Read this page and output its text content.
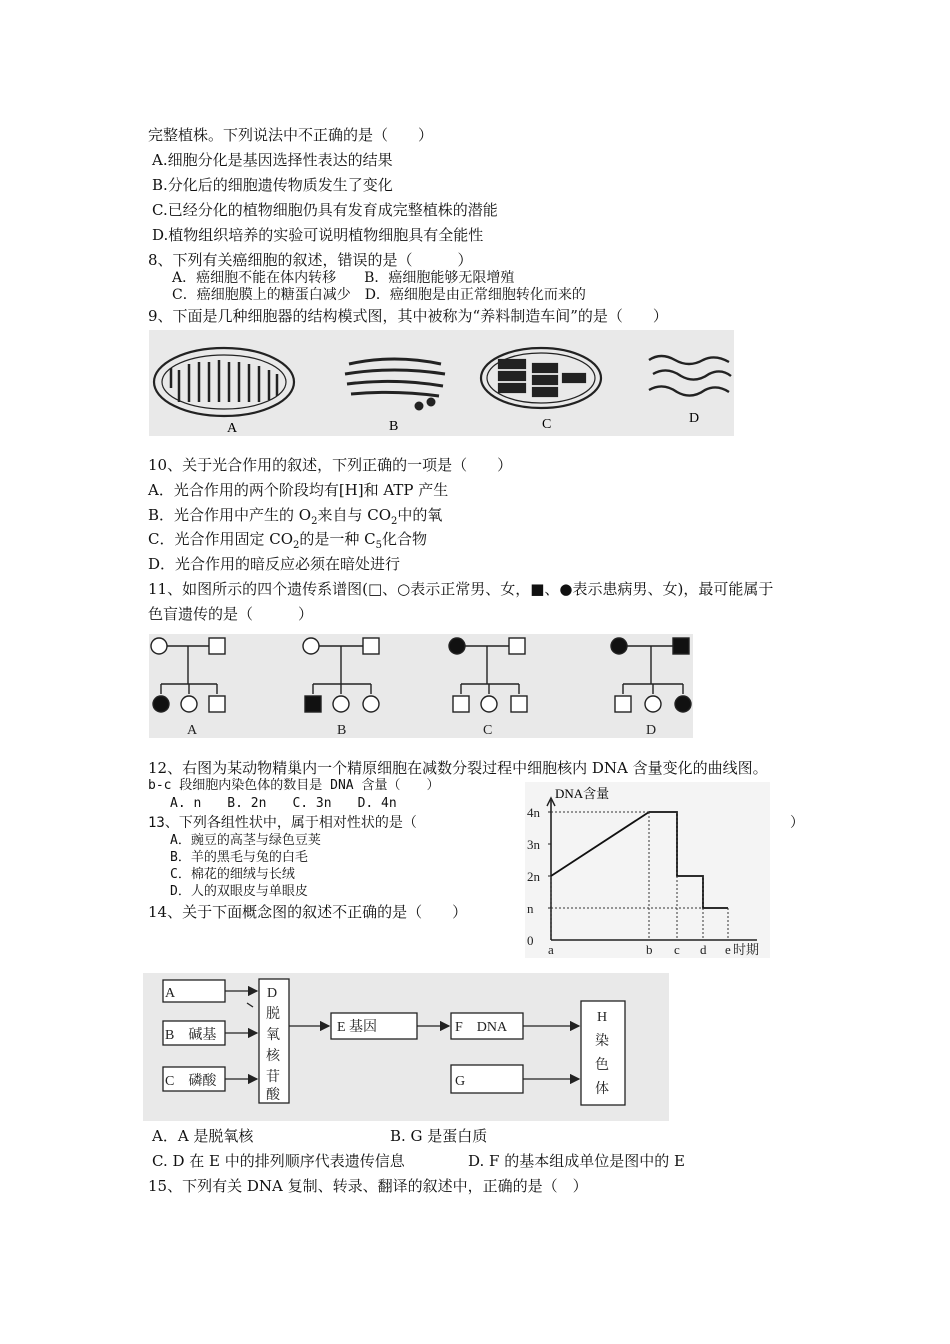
完整植株。下列说法中不正确的是（　　）
A.细胞分化是基因选择性表达的结果
B.分化后的细胞遗传物质发生了变化
C.已经分化的植物细胞仍具有发育成完整植株的潜能
D.植物组织培养的实验可说明植物细胞具有全能性
8、下列有关癌细胞的叙述，错误的是（　　　）
A．癌细胞不能在体内转移　　B．癌细胞能够无限增殖
C．癌细胞膜上的糖蛋白减少　D．癌细胞是由正常细胞转化而来的
9、下面是几种细胞器的结构模式图，其中被称为“养料制造车间”的是（　　）
A	B	C	D
10、关于光合作用的叙述，下列正确的一项是（　　）
A．光合作用的两个阶段均有[H]和 ATP 产生
B．光合作用中产生的 $O_2$来自与 $CO_2$中的氧
C．光合作用固定 $CO_2$的是一种 $C_5$化合物
D．光合作用的暗反应必须在暗处进行
11、如图所示的四个遗传系谱图(□、○表示正常男、女，■、●表示患病男、女)，最可能属于
色盲遗传的是（　　　）
A	B	C	D
12、右图为某动物精巢内一个精原细胞在减数分裂过程中细胞核内 DNA 含量变化的曲线图。
b-c 段细胞内染色体的数目是 DNA 含量（　　）
A. n　　B. 2n　　C. 3n　　D. 4n
13、下列各组性状中，属于相对性状的是（	）
A．豌豆的高茎与绿色豆荚
B．羊的黑毛与兔的白毛
C．棉花的细绒与长绒
D．人的双眼皮与单眼皮
14、关于下面概念图的叙述不正确的是（　　）
DNA含量
4n
3n
2n
n
0
a	b c d e 时期
A
B　碱基
C　磷酸
D
脱
氧
核
苷
酸
E 基因	F　DNA
G
H
染
色
体
A．A 是脱氧核	B. G 是蛋白质
C. D 在 E 中的排列顺序代表遗传信息	D. F 的基本组成单位是图中的 E
15、下列有关 DNA 复制、转录、翻译的叙述中，正确的是（　）
